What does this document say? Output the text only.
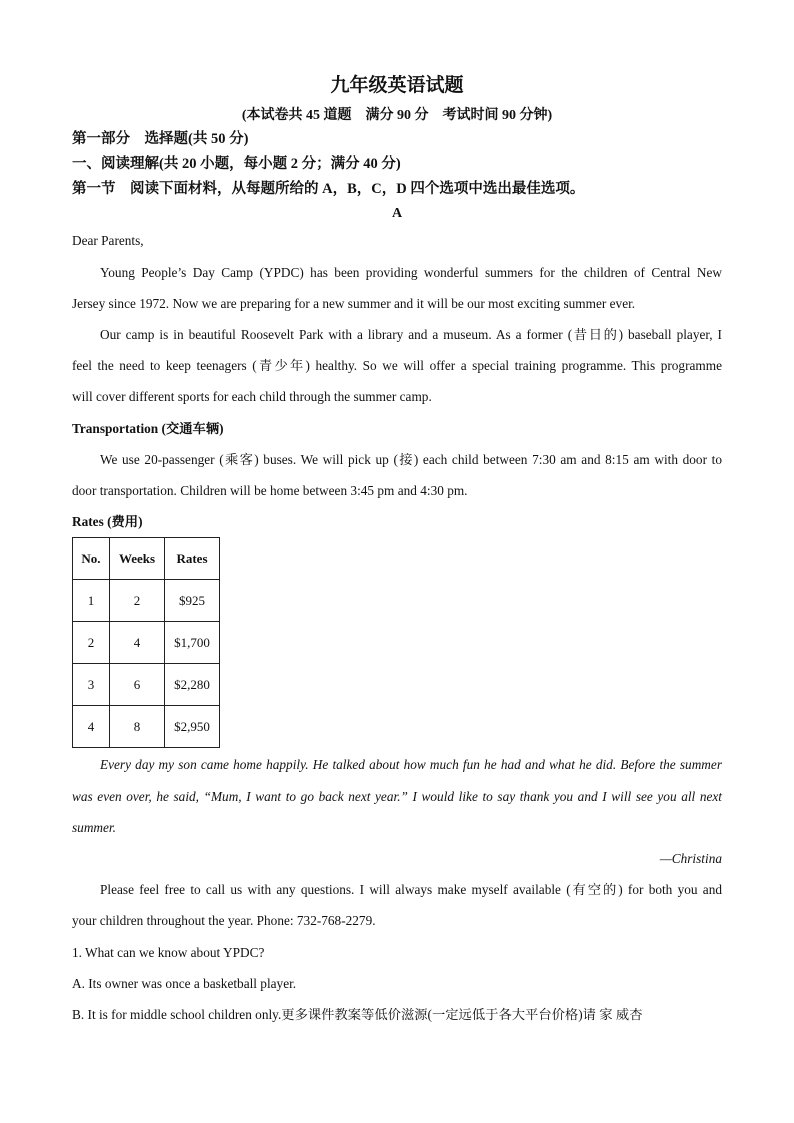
九年级英语试题
(本试卷共 45 道题　满分 90 分　考试时间 90 分钟)
第一部分　选择题(共 50 分)
一、阅读理解(共 20 小题，每小题 2 分；满分 40 分)
第一节　阅读下面材料，从每题所给的 A，B，C，D 四个选项中选出最佳选项。
A
Dear Parents,
Young People’s Day Camp (YPDC) has been providing wonderful summers for the children of Central New
Jersey since 1972. Now we are preparing for a new summer and it will be our most exciting summer ever.
Our camp is in beautiful Roosevelt Park with a library and a museum. As a former (昔日的) baseball player, I
feel the need to keep teenagers (青少年) healthy. So we will offer a special training programme. This programme
will cover different sports for each child through the summer camp.
Transportation (交通车辆)
We use 20-passenger (乘客) buses. We will pick up (接) each child between 7:30 am and 8:15 am with door to
door transportation. Children will be home between 3:45 pm and 4:30 pm.
Rates (费用)
No.	Weeks	Rates
1	2	$925
2	4	$1,700
3	6	$2,280
4	8	$2,950
Every day my son came home happily. He talked about how much fun he had and what he did. Before the summer
was even over, he said, “Mum, I want to go back next year.” I would like to say thank you and I will see you all next
summer.
—Christina
Please feel free to call us with any questions. I will always make myself available (有空的) for both you and
your children throughout the year. Phone: 732-768-2279.
1. What can we know about YPDC?
A. Its owner was once a basketball player.
B. It is for middle school children only.更多课件教案等低价滋源(一定远低于各大平台价格)请 家 威杏
